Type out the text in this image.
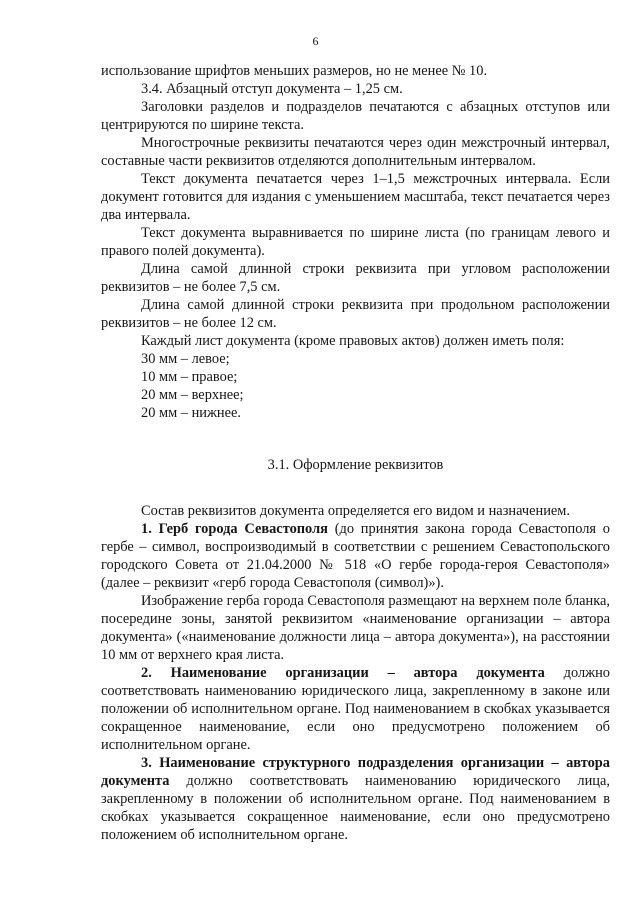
6

использование шрифтов меньших размеров, но не менее № 10.

3.4. Абзацный отступ документа – 1,25 см.

Заголовки разделов и подразделов печатаются с абзацных отступов или центрируются по ширине текста.

Многострочные реквизиты печатаются через один межстрочный интервал, составные части реквизитов отделяются дополнительным интервалом.

Текст документа печатается через 1–1,5 межстрочных интервала. Если документ готовится для издания с уменьшением масштаба, текст печатается через два интервала.

Текст документа выравнивается по ширине листа (по границам левого и правого полей документа).

Длина самой длинной строки реквизита при угловом расположении реквизитов – не более 7,5 см.

Длина самой длинной строки реквизита при продольном расположении реквизитов – не более 12 см.

Каждый лист документа (кроме правовых актов) должен иметь поля:

30 мм – левое;

10 мм – правое;

20 мм – верхнее;

20 мм – нижнее.

3.1. Оформление реквизитов

Состав реквизитов документа определяется его видом и назначением.

1. Герб города Севастополя (до принятия закона города Севастополя о гербе – символ, воспроизводимый в соответствии с решением Севастопольского городского Совета от 21.04.2000 № 518 «О гербе города-героя Севастополя» (далее – реквизит «герб города Севастополя (символ)»).

Изображение герба города Севастополя размещают на верхнем поле бланка, посередине зоны, занятой реквизитом «наименование организации – автора документа» («наименование должности лица – автора документа»), на расстоянии 10 мм от верхнего края листа.

2. Наименование организации – автора документа должно соответствовать наименованию юридического лица, закрепленному в законе или положении об исполнительном органе. Под наименованием в скобках указывается сокращенное наименование, если оно предусмотрено положением об исполнительном органе.

3. Наименование структурного подразделения организации – автора документа должно соответствовать наименованию юридического лица, закрепленному в положении об исполнительном органе. Под наименованием в скобках указывается сокращенное наименование, если оно предусмотрено положением об исполнительном органе.
